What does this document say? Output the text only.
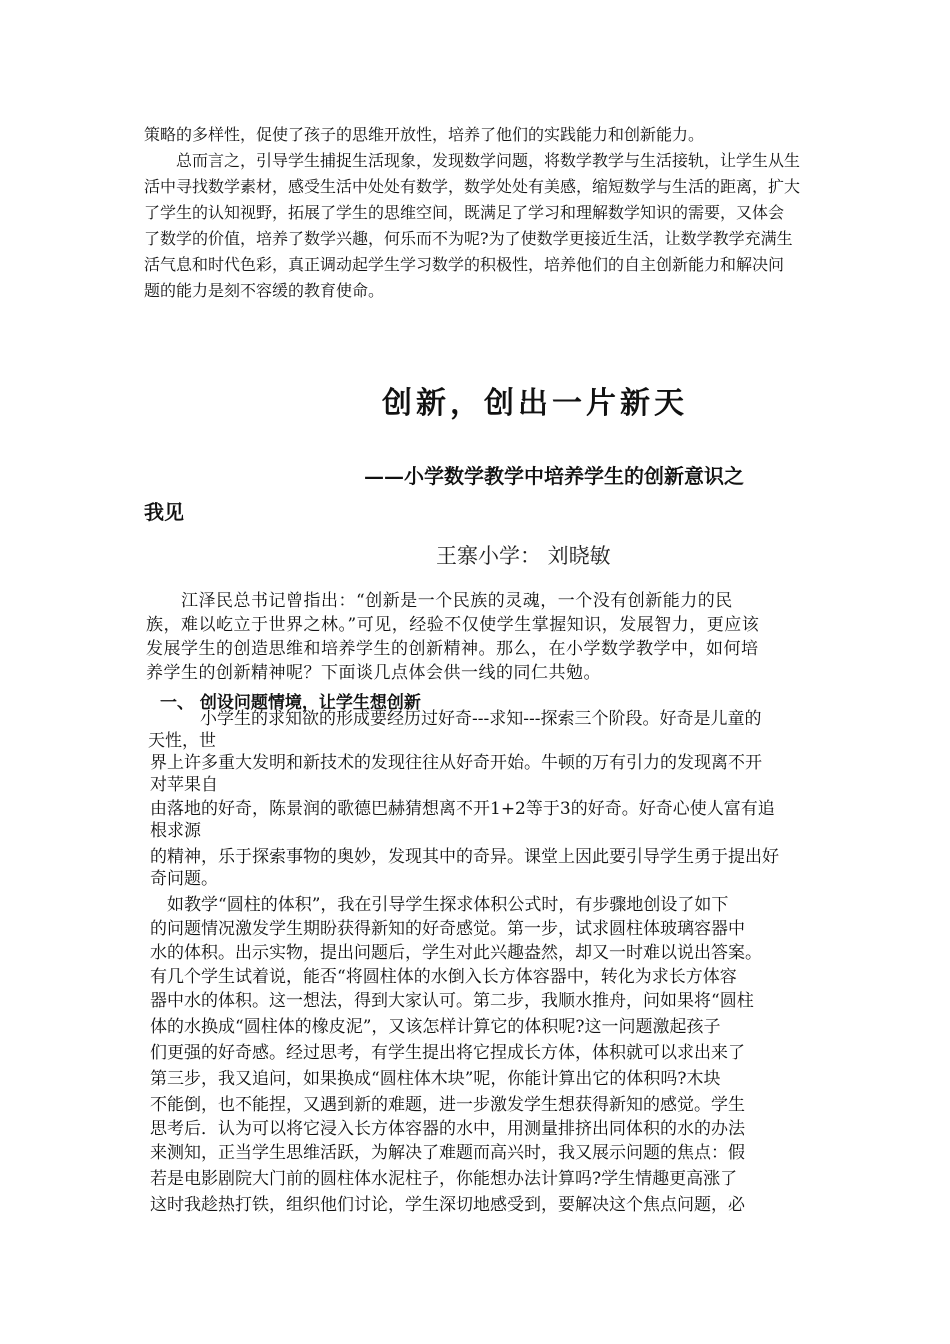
策略的多样性，促使了孩子的思维开放性，培养了他们的实践能力和创新能力。
　　总而言之，引导学生捕捉生活现象，发现数学问题，将数学教学与生活接轨，让学生从生
活中寻找数学素材，感受生活中处处有数学，数学处处有美感，缩短数学与生活的距离，扩大
了学生的认知视野，拓展了学生的思维空间，既满足了学习和理解数学知识的需要，又体会
了数学的价值，培养了数学兴趣，何乐而不为呢?为了使数学更接近生活，让数学教学充满生
活气息和时代色彩，真正调动起学生学习数学的积极性，培养他们的自主创新能力和解决问
题的能力是刻不容缓的教育使命。
创新，创出一片新天
——小学数学教学中培养学生的创新意识之
我见
王寨小学： 刘晓敏
　　江泽民总书记曾指出：“创新是一个民族的灵魂，一个没有创新能力的民
族，难以屹立于世界之林。”可见，经验不仅使学生掌握知识，发展智力，更应该
发展学生的创造思维和培养学生的创新精神。那么，在小学数学教学中，如何培
养学生的创新精神呢？下面谈几点体会供一线的同仁共勉。
一、 创设问题情境，让学生想创新
小学生的求知欲的形成要经历过好奇---求知---探索三个阶段。好奇是儿童的
天性，世
界上许多重大发明和新技术的发现往往从好奇开始。牛顿的万有引力的发现离不开
对苹果自
由落地的好奇，陈景润的歌德巴赫猜想离不开1+2等于3的好奇。好奇心使人富有追
根求源
的精神，乐于探索事物的奥妙，发现其中的奇异。课堂上因此要引导学生勇于提出好
奇问题。
　如教学“圆柱的体积”，我在引导学生探求体积公式时，有步骤地创设了如下
的问题情况激发学生期盼获得新知的好奇感觉。第一步，试求圆柱体玻璃容器中
水的体积。出示实物，提出问题后，学生对此兴趣盎然，却又一时难以说出答案。
有几个学生试着说，能否“将圆柱体的水倒入长方体容器中，转化为求长方体容
器中水的体积。这一想法，得到大家认可。第二步，我顺水推舟，问如果将“圆柱
体的水换成“圆柱体的橡皮泥”，又该怎样计算它的体积呢?这一问题激起孩子
们更强的好奇感。经过思考，有学生提出将它捏成长方体，体积就可以求出来了
第三步，我又追问，如果换成“圆柱体木块”呢，你能计算出它的体积吗?木块
不能倒，也不能捏，又遇到新的难题，进一步激发学生想获得新知的感觉。学生
思考后．认为可以将它浸入长方体容器的水中，用测量排挤出同体积的水的办法
来测知，正当学生思维活跃，为解决了难题而高兴时，我又展示问题的焦点：假
若是电影剧院大门前的圆柱体水泥柱子，你能想办法计算吗?学生情趣更高涨了
这时我趁热打铁，组织他们讨论，学生深切地感受到，要解决这个焦点问题，必
